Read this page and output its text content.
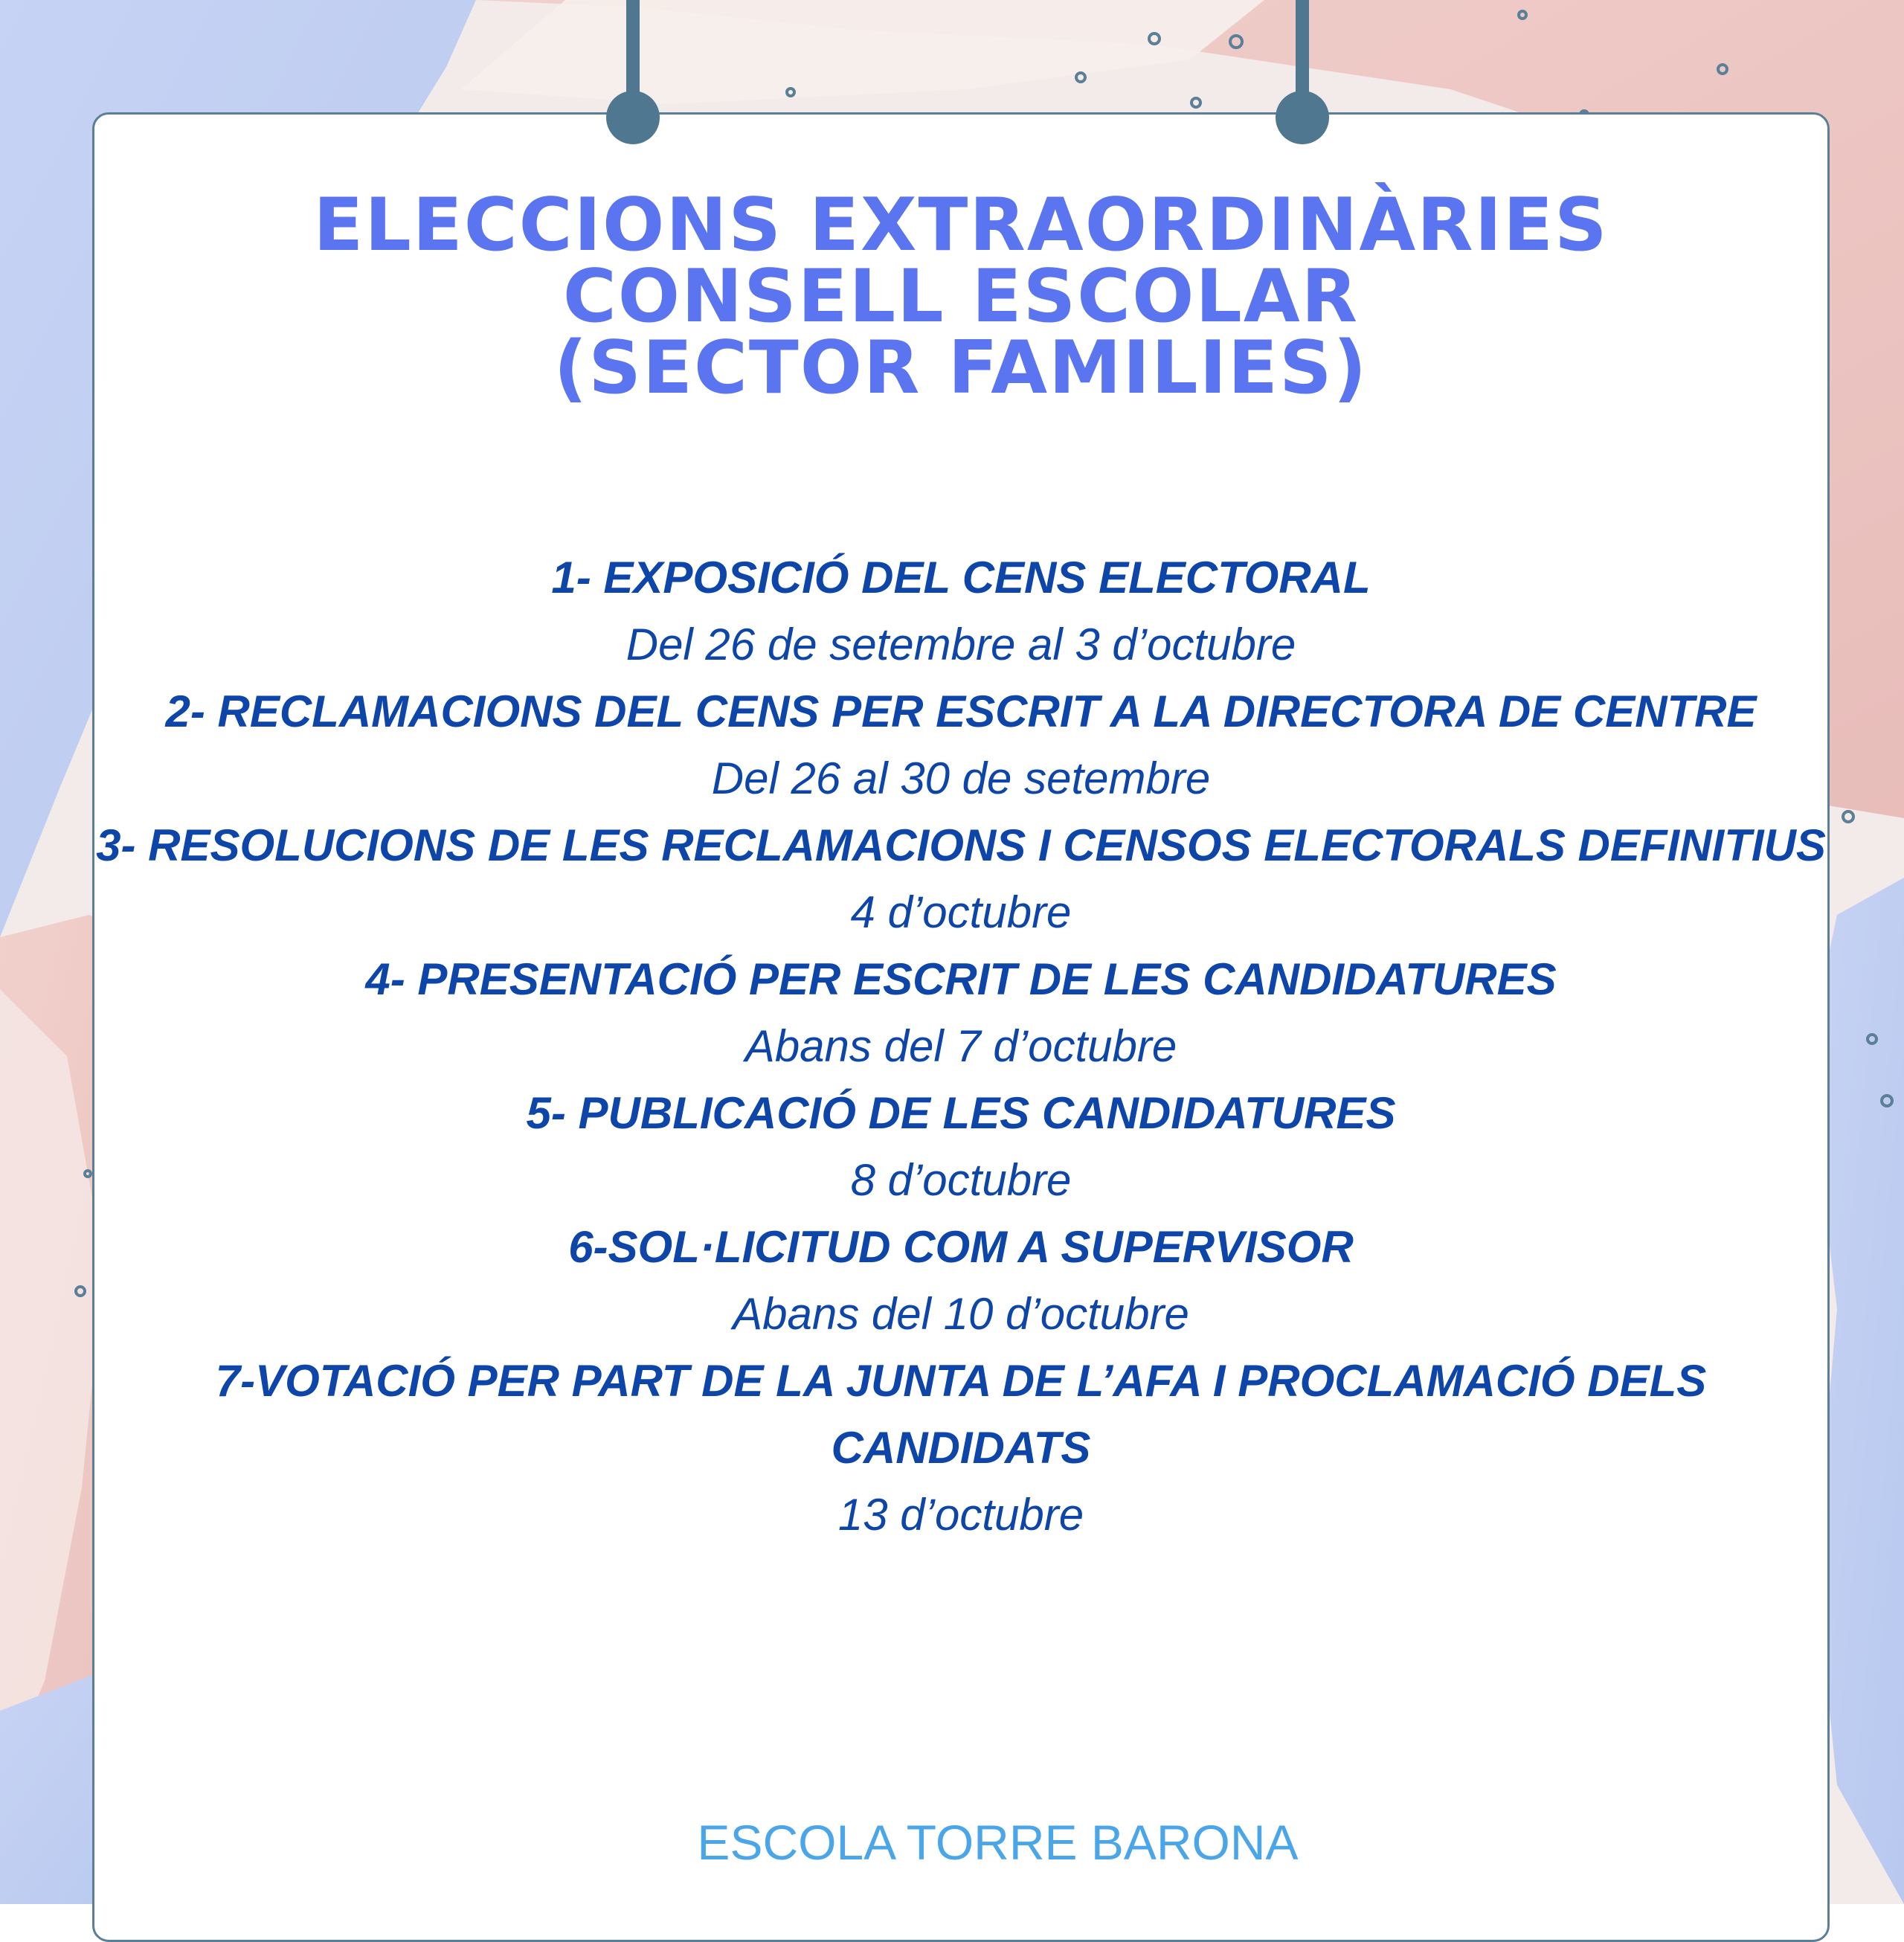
ELECCIONS EXTRAORDINÀRIES
CONSELL ESCOLAR
(SECTOR FAMILIES)
1- EXPOSICIÓ DEL CENS ELECTORAL
Del 26 de setembre al 3 d’octubre
2- RECLAMACIONS DEL CENS PER ESCRIT A LA DIRECTORA DE CENTRE
Del 26 al 30 de setembre
3- RESOLUCIONS DE LES RECLAMACIONS I CENSOS ELECTORALS DEFINITIUS
4 d’octubre
4- PRESENTACIÓ PER ESCRIT DE LES CANDIDATURES
Abans del 7 d’octubre
5- PUBLICACIÓ DE LES CANDIDATURES
8 d’octubre
6-SOL·LICITUD COM A SUPERVISOR
Abans del 10 d’octubre
7-VOTACIÓ PER PART DE LA JUNTA DE L’AFA I PROCLAMACIÓ DELS CANDIDATS
13 d’octubre
ESCOLA TORRE BARONA
